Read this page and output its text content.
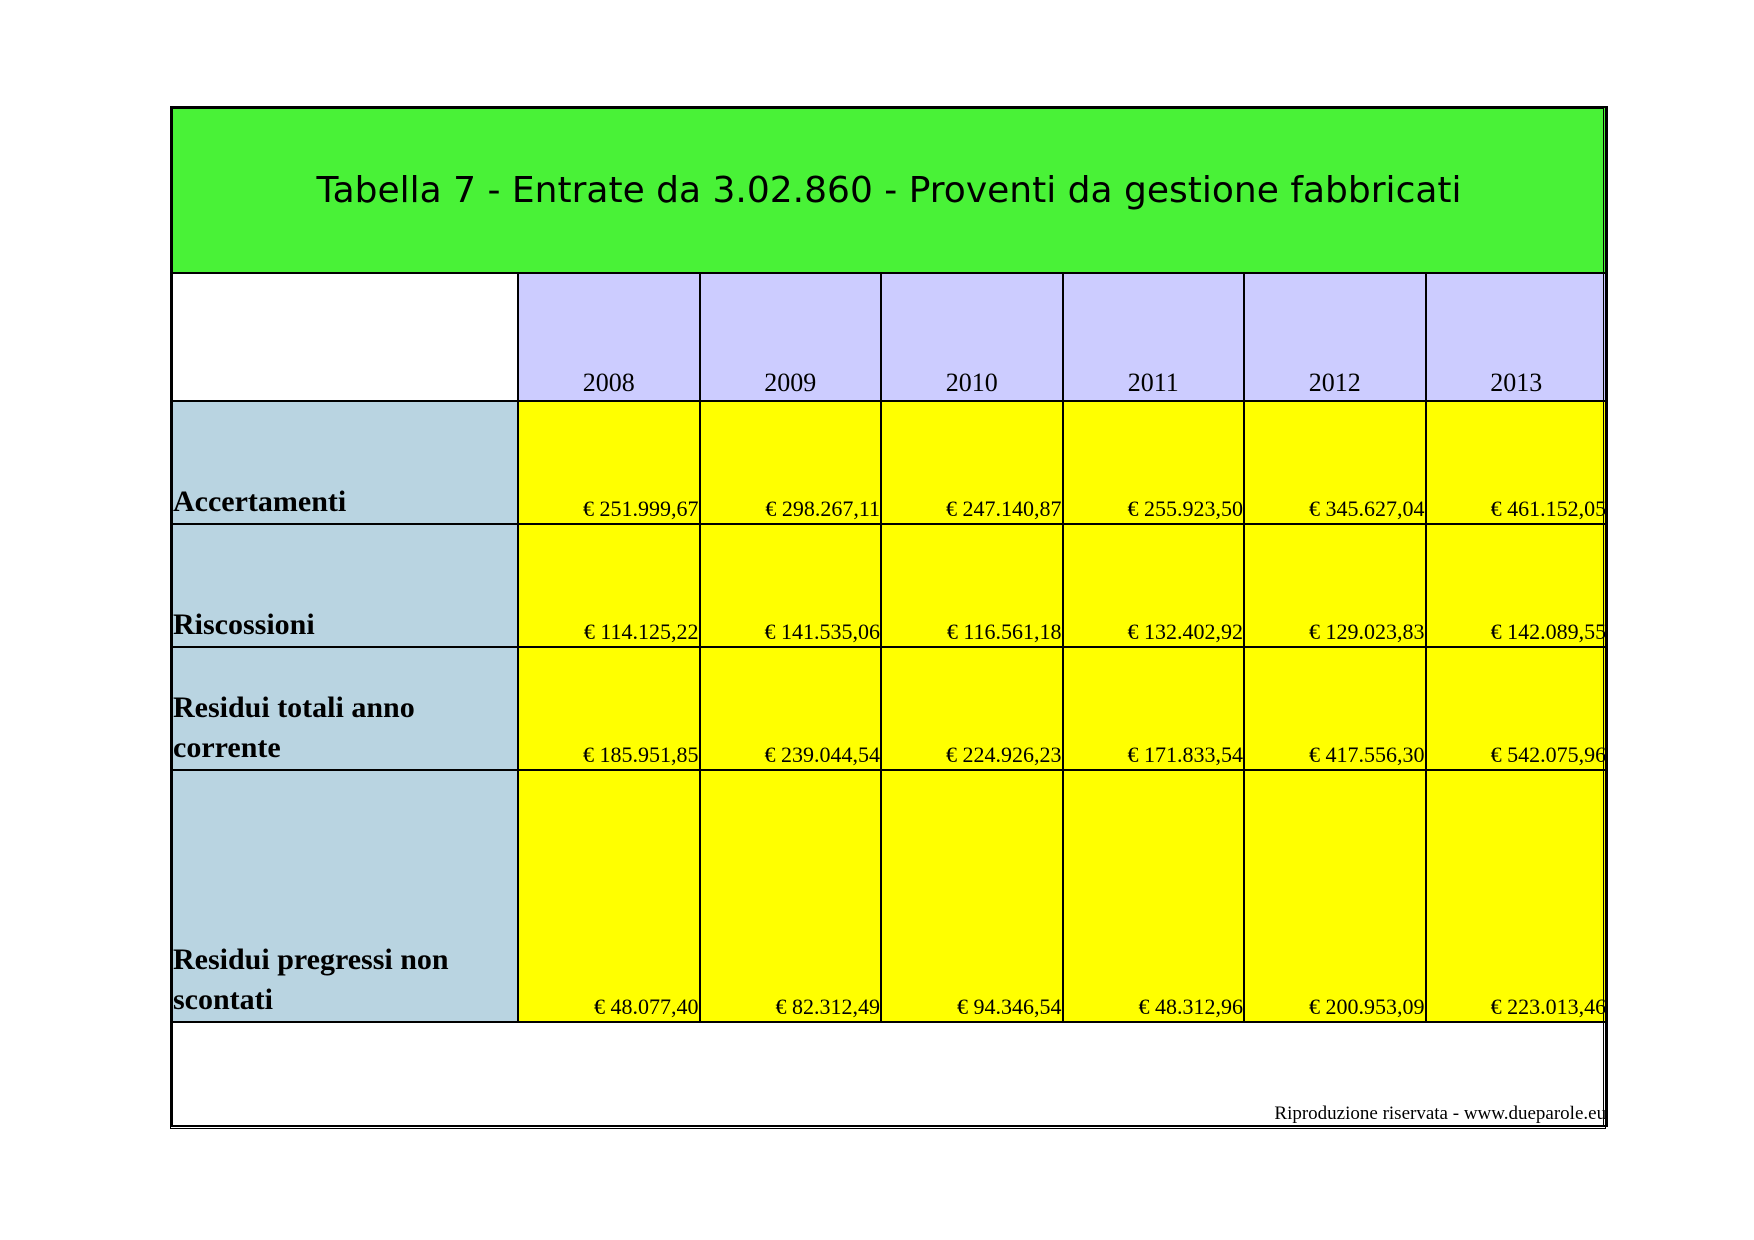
Tabella 7 - Entrate da 3.02.860 - Proventi da gestione fabbricati						
	2008	2009	2010	2011	2012	2013
Accertamenti	€ 251.999,67	€ 298.267,11	€ 247.140,87	€ 255.923,50	€ 345.627,04	€ 461.152,05
Riscossioni	€ 114.125,22	€ 141.535,06	€ 116.561,18	€ 132.402,92	€ 129.023,83	€ 142.089,55
Residui totali anno corrente	€ 185.951,85	€ 239.044,54	€ 224.926,23	€ 171.833,54	€ 417.556,30	€ 542.075,96
Residui pregressi non scontati	€ 48.077,40	€ 82.312,49	€ 94.346,54	€ 48.312,96	€ 200.953,09	€ 223.013,46
Riproduzione riservata - www.dueparole.eu						
